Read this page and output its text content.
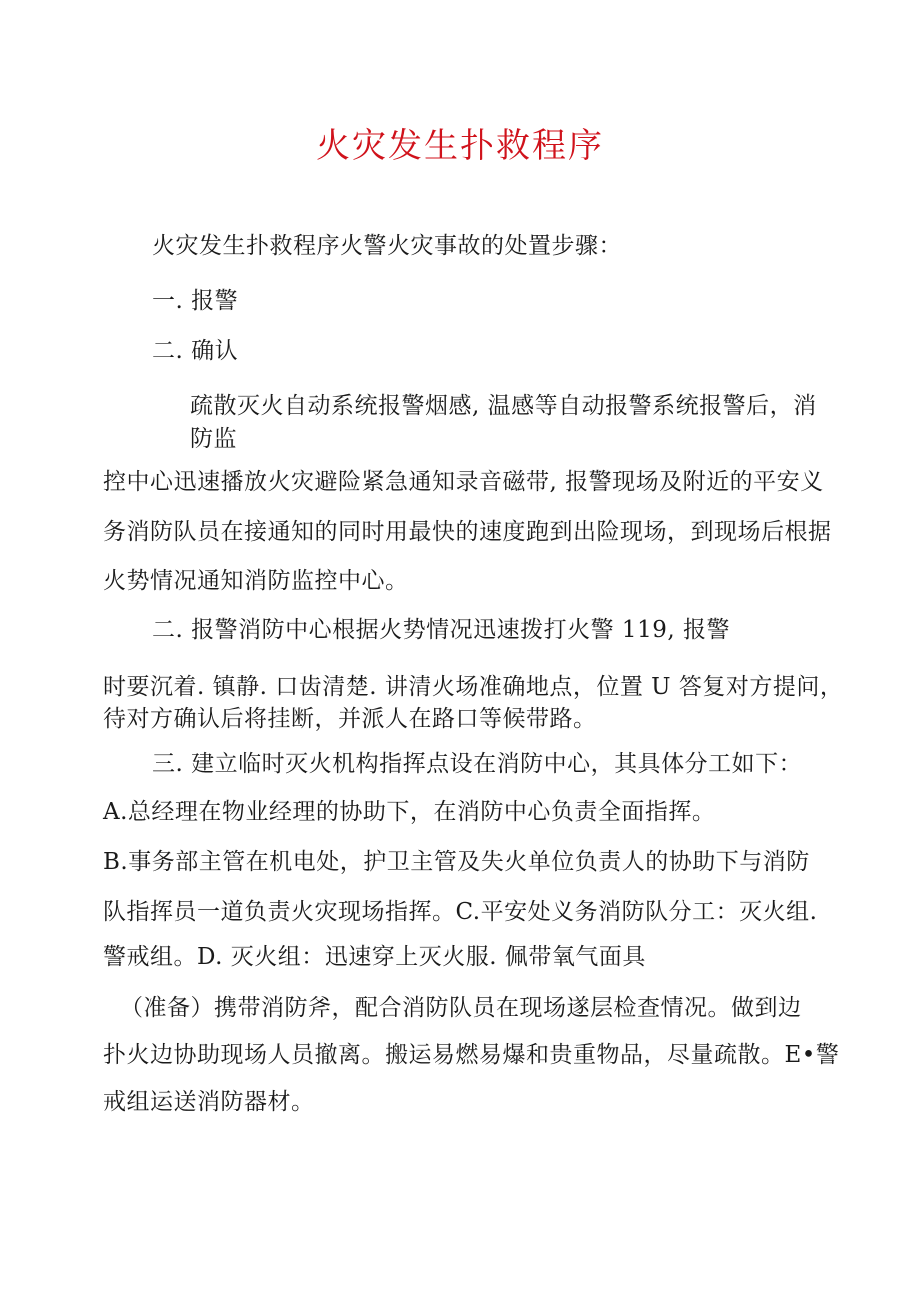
火灾发生扑救程序
火灾发生扑救程序火警火灾事故的处置步骤：
一. 报警
二. 确认
疏散灭火自动系统报警烟感, 温感等自动报警系统报警后，消
防监
控中心迅速播放火灾避险紧急通知录音磁带, 报警现场及附近的平安义
务消防队员在接通知的同时用最快的速度跑到出险现场，到现场后根据
火势情况通知消防监控中心。
二. 报警消防中心根据火势情况迅速拨打火警 119, 报警
时要沉着. 镇静. 口齿清楚. 讲清火场准确地点，位置 U 答复对方提问，
待对方确认后将挂断，并派人在路口等候带路。
三. 建立临时灭火机构指挥点设在消防中心，其具体分工如下：
A.总经理在物业经理的协助下，在消防中心负责全面指挥。
B.事务部主管在机电处，护卫主管及失火单位负责人的协助下与消防
队指挥员一道负责火灾现场指挥。C.平安处义务消防队分工：灭火组.
警戒组。D. 灭火组：迅速穿上灭火服. 佩带氧气面具
（准备）携带消防斧，配合消防队员在现场遂层检查情况。做到边
扑火边协助现场人员撤离。搬运易燃易爆和贵重物品，尽量疏散。E•警
戒组运送消防器材。
